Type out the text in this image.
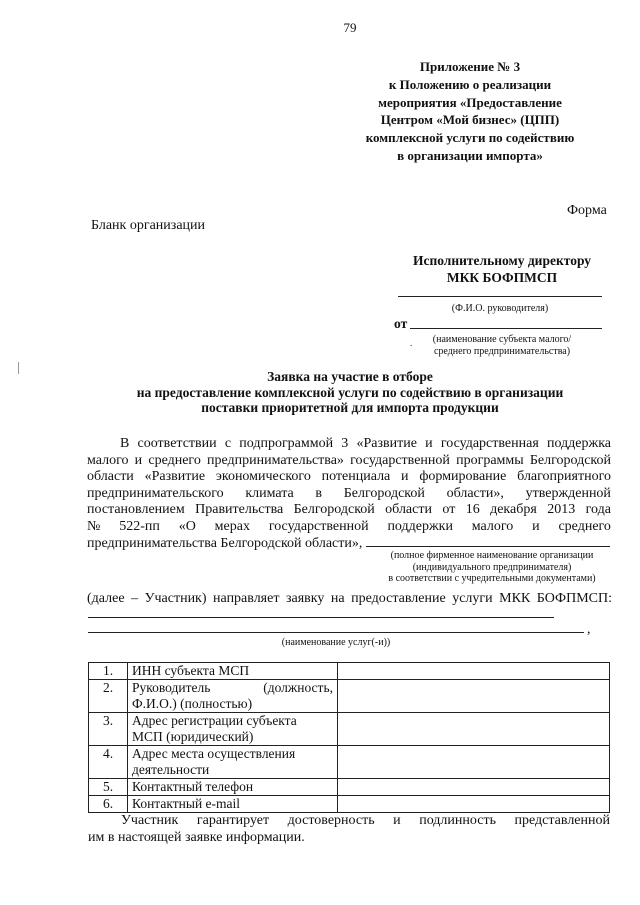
79
Приложение № 3
к Положению о реализации
мероприятия «Предоставление
Центром «Мой бизнес» (ЦПП)
комплексной услуги по содействию
в организации импорта»
Форма
Бланк организации
Исполнительному директору
МКК БОФПМСП
(Ф.И.О. руководителя)
от
.	(наименование субъекта малого/
среднего предпринимательства)
Заявка на участие в отборе
на предоставление комплексной услуги по содействию в организации
поставки приоритетной для импорта продукции
В соответствии с подпрограммой 3 «Развитие и государственная поддержка
малого и среднего предпринимательства» государственной программы Белгородской
области «Развитие экономического потенциала и формирование благоприятного
предпринимательского климата в Белгородской области», утвержденной
постановлением Правительства Белгородской области от 16 декабря 2013 года
№ 522-пп «О мерах государственной поддержки малого и среднего
предпринимательства Белгородской области»,
(полное фирменное наименование организации
(индивидуального предпринимателя)
в соответствии с учредительными документами)
(далее – Участник) направляет заявку на предоставление услуги МКК БОФПМСП:
,
(наименование услуг(-и))
1.	ИНН субъекта МСП	

2.	Руководитель (должность,
Ф.И.О.) (полностью)	

3.	Адрес регистрации субъекта
МСП (юридический)	

4.	Адрес места осуществления
деятельности	

5.	Контактный телефон	

6.	Контактный e-mail	

Участник гарантирует достоверность и подлинность представленной
им в настоящей заявке информации.
